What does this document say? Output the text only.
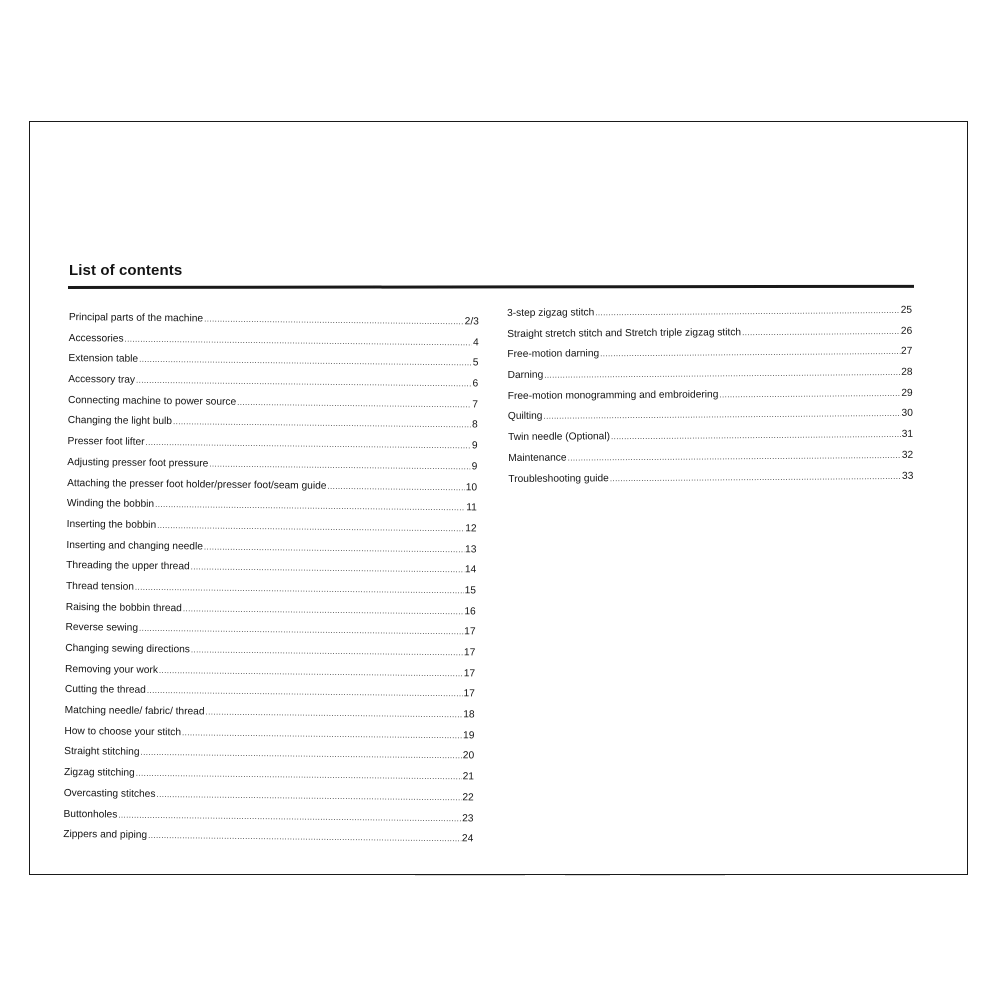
List of contents
Principal parts of the machine .....	2/3
Accessories .....	4
Extension table .....	5
Accessory tray .....	6
Connecting machine to power source .....	7
Changing the light bulb .....	8
Presser foot lifter .....	9
Adjusting presser foot pressure .....	9
Attaching the presser foot holder/presser foot/seam guide .....	10
Winding the bobbin .....	11
Inserting the bobbin .....	12
Inserting and changing needle .....	13
Threading the upper thread .....	14
Thread tension .....	15
Raising the bobbin thread .....	16
Reverse sewing .....	17
Changing sewing directions .....	17
Removing your work .....	17
Cutting the thread .....	17
Matching needle/ fabric/ thread .....	18
How to choose your stitch .....	19
Straight stitching .....	20
Zigzag stitching .....	21
Overcasting stitches .....	22
Buttonholes .....	23
Zippers and piping .....	24
3-step zigzag stitch .....	25
Straight stretch stitch and Stretch triple zigzag stitch .....	26
Free-motion darning .....	27
Darning .....	28
Free-motion monogramming and embroidering .....	29
Quilting .....	30
Twin needle (Optional) .....	31
Maintenance .....	32
Troubleshooting guide .....	33
